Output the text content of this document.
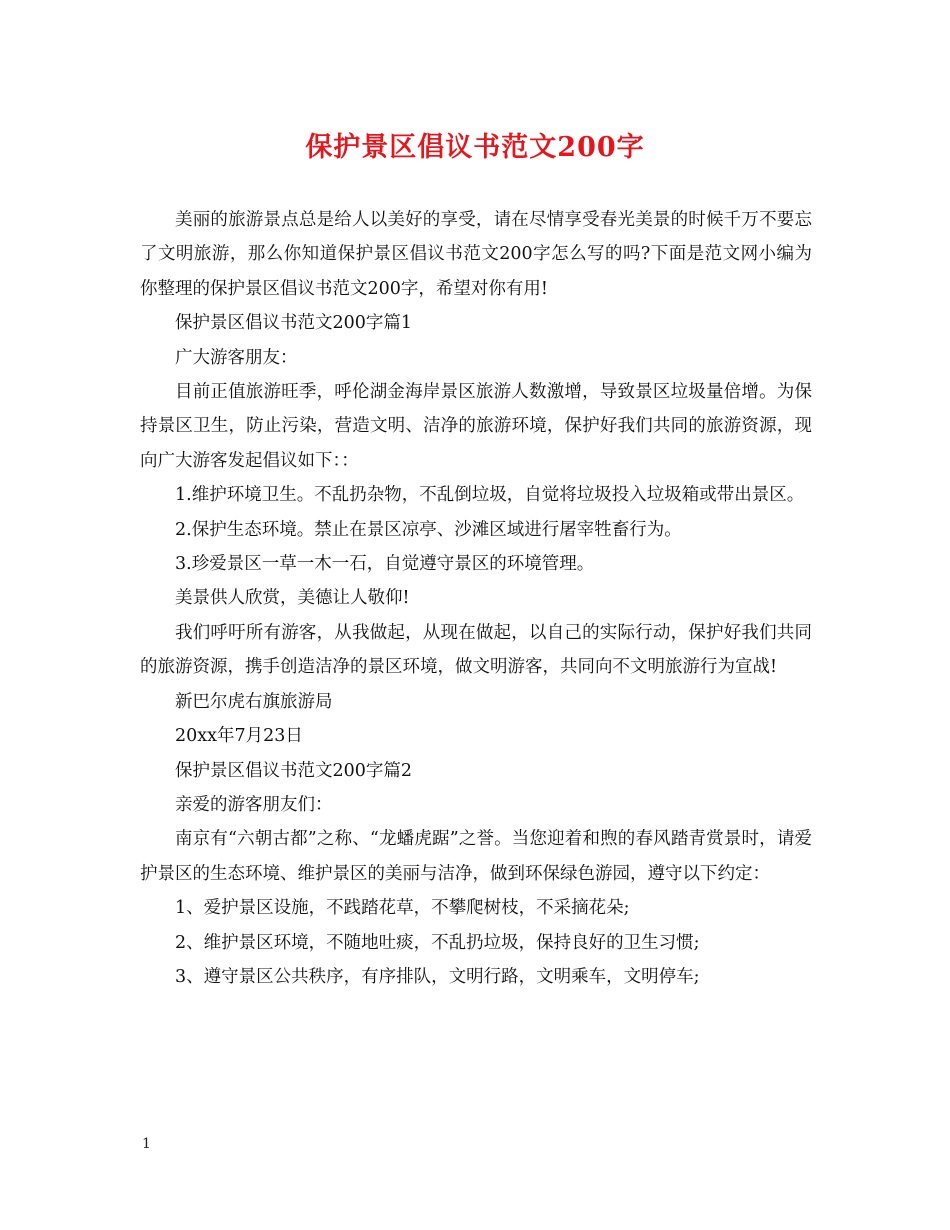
保护景区倡议书范文200字

美丽的旅游景点总是给人以美好的享受，请在尽情享受春光美景的时候千万不要忘了文明旅游，那么你知道保护景区倡议书范文200字怎么写的吗?下面是范文网小编为你整理的保护景区倡议书范文200字，希望对你有用!

保护景区倡议书范文200字篇1

广大游客朋友：

目前正值旅游旺季，呼伦湖金海岸景区旅游人数激增，导致景区垃圾量倍增。为保持景区卫生，防止污染，营造文明、洁净的旅游环境，保护好我们共同的旅游资源，现向广大游客发起倡议如下：：

1.维护环境卫生。不乱扔杂物，不乱倒垃圾，自觉将垃圾投入垃圾箱或带出景区。

2.保护生态环境。禁止在景区凉亭、沙滩区域进行屠宰牲畜行为。

3.珍爱景区一草一木一石，自觉遵守景区的环境管理。

美景供人欣赏，美德让人敬仰!

我们呼吁所有游客，从我做起，从现在做起，以自己的实际行动，保护好我们共同的旅游资源，携手创造洁净的景区环境，做文明游客，共同向不文明旅游行为宣战!

新巴尔虎右旗旅游局

20xx年7月23日

保护景区倡议书范文200字篇2

亲爱的游客朋友们：

南京有“六朝古都”之称、“龙蟠虎踞”之誉。当您迎着和煦的春风踏青赏景时，请爱护景区的生态环境、维护景区的美丽与洁净，做到环保绿色游园，遵守以下约定：

1、爱护景区设施，不践踏花草，不攀爬树枝，不采摘花朵;

2、维护景区环境，不随地吐痰，不乱扔垃圾，保持良好的卫生习惯;

3、遵守景区公共秩序，有序排队，文明行路，文明乘车，文明停车;

1
